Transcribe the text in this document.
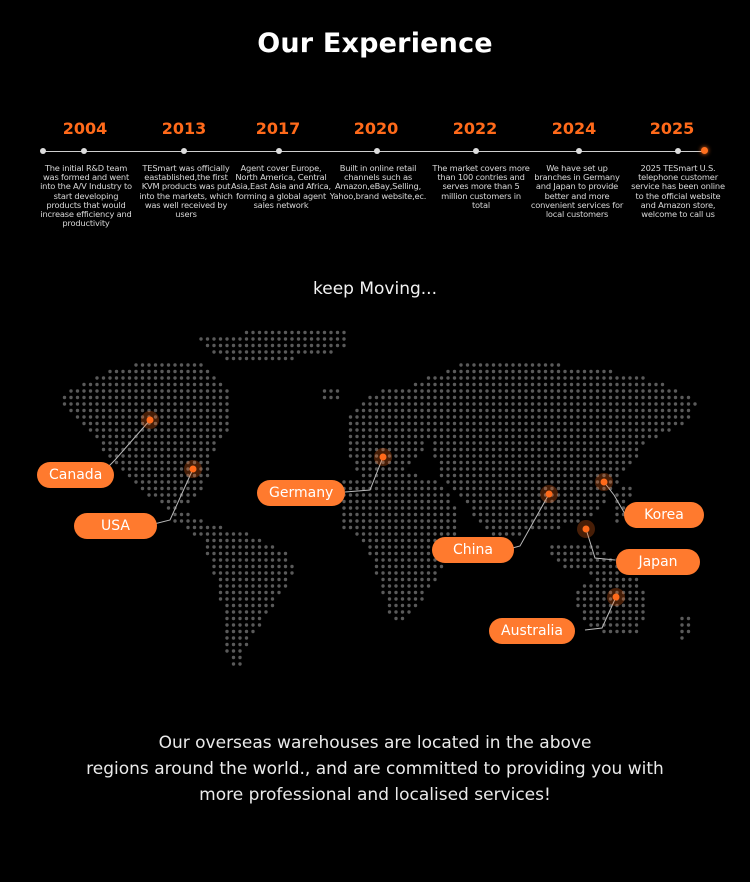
Our Experience
2004	2013	2017	2020	2022	2024	2025
The initial R&D team was formed and went into the A/V Industry to start developing products that would increase efficiency and productivity
TESmart was officially eastablished,the first KVM products was put into the markets, which was well received by users
Agent cover Europe, North America, Central Asia,East Asia and Africa, forming a global agent sales network
Built in online retail channels such as Amazon,eBay,Selling, Yahoo,brand website,ec.
The market covers more than 100 contries and serves more than 5 million customers in total
We have set up branches in Germany and Japan to provide better and more convenient services for local customers
2025 TESmart U.S. telephone customer service has been online to the official website and Amazon store, welcome to call us
keep Moving...
Canada
USA
Germany
China
Korea
Japan
Australia
Our overseas warehouses are located in the above
regions around the world., and are committed to providing you with
more professional and localised services!
